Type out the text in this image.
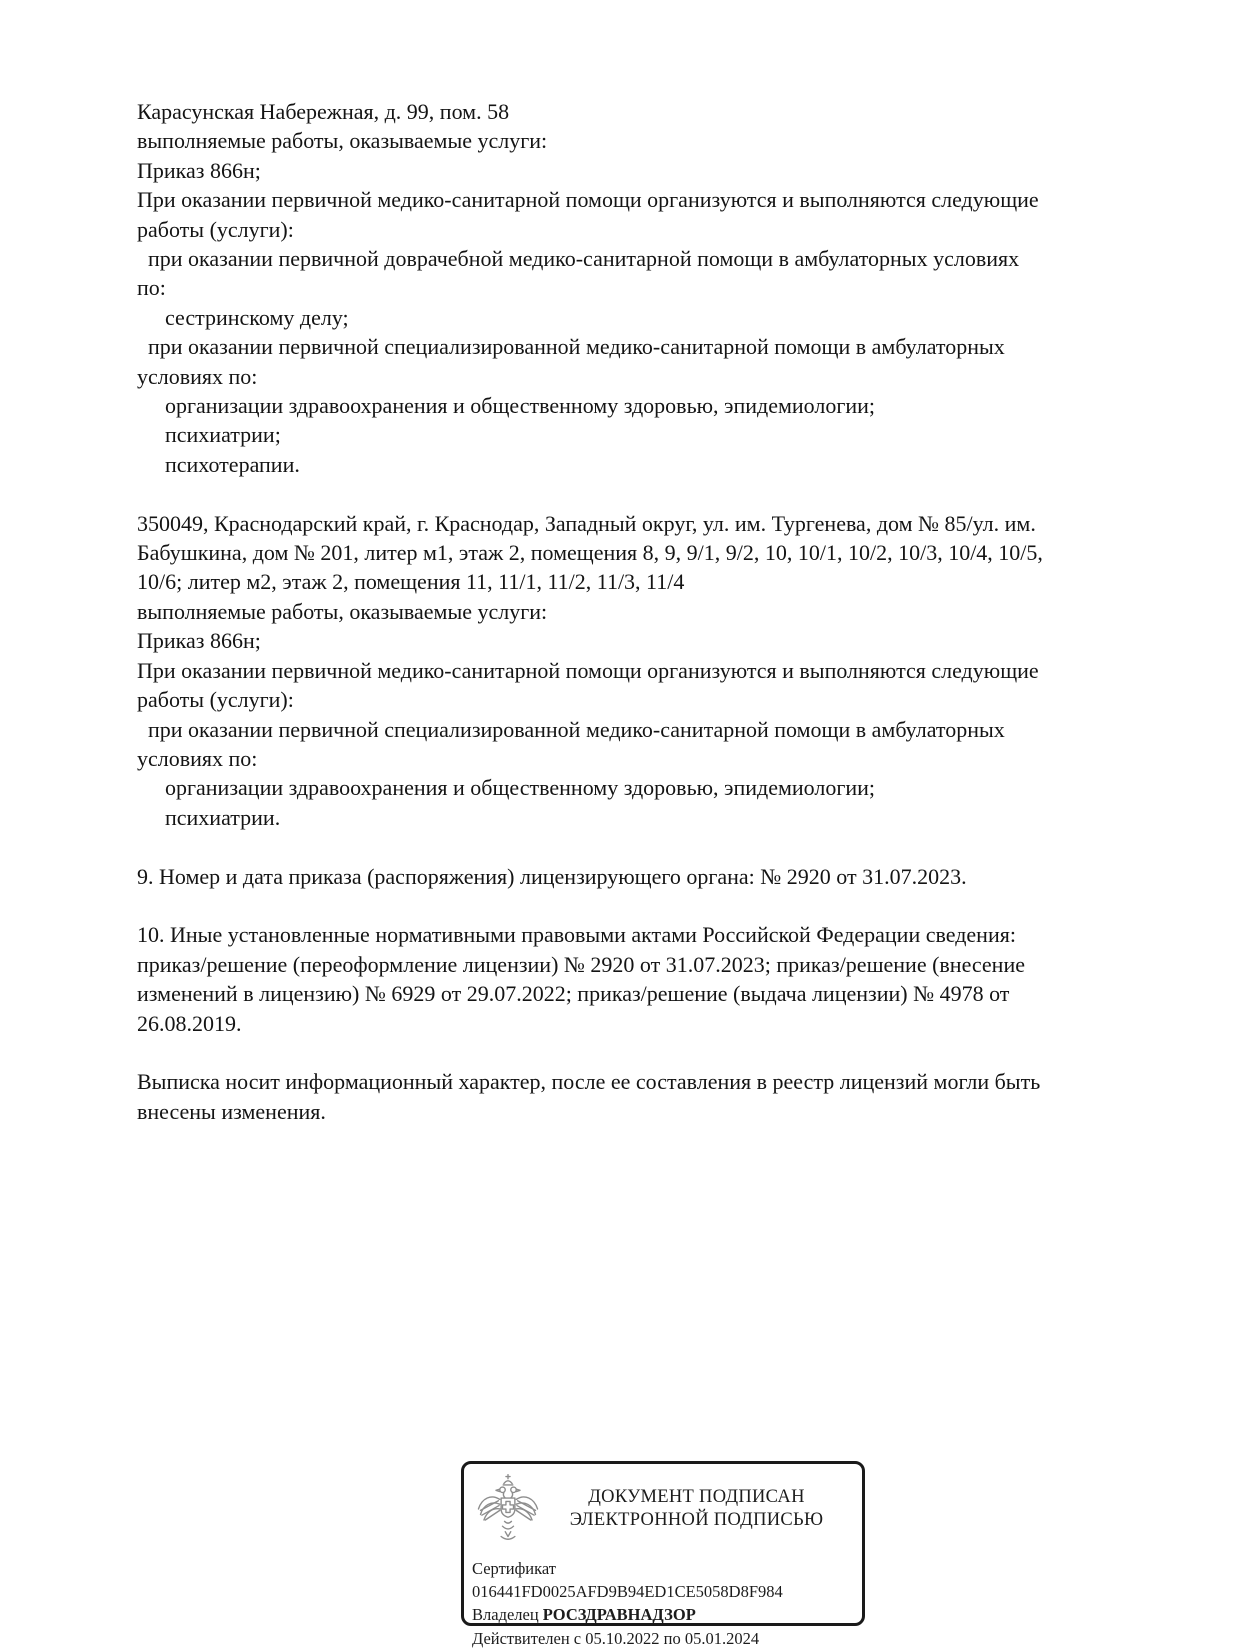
Карасунская Набережная, д. 99, пом. 58
выполняемые работы, оказываемые услуги:
Приказ 866н;
При оказании первичной медико-санитарной помощи организуются и выполняются следующие
работы (услуги):
при оказании первичной доврачебной медико-санитарной помощи в амбулаторных условиях
по:
сестринскому делу;
при оказании первичной специализированной медико-санитарной помощи в амбулаторных
условиях по:
организации здравоохранения и общественному здоровью, эпидемиологии;
психиатрии;
психотерапии.
350049, Краснодарский край, г. Краснодар, Западный округ, ул. им. Тургенева, дом № 85/ул. им.
Бабушкина, дом № 201, литер м1, этаж 2, помещения 8, 9, 9/1, 9/2, 10, 10/1, 10/2, 10/3, 10/4, 10/5,
10/6; литер м2, этаж 2, помещения 11, 11/1, 11/2, 11/3, 11/4
выполняемые работы, оказываемые услуги:
Приказ 866н;
При оказании первичной медико-санитарной помощи организуются и выполняются следующие
работы (услуги):
при оказании первичной специализированной медико-санитарной помощи в амбулаторных
условиях по:
организации здравоохранения и общественному здоровью, эпидемиологии;
психиатрии.
9. Номер и дата приказа (распоряжения) лицензирующего органа: № 2920 от 31.07.2023.
10. Иные установленные нормативными правовыми актами Российской Федерации сведения:
приказ/решение (переоформление лицензии) № 2920 от 31.07.2023; приказ/решение (внесение
изменений в лицензию) № 6929 от 29.07.2022; приказ/решение (выдача лицензии) № 4978 от
26.08.2019.
Выписка носит информационный характер, после ее составления в реестр лицензий могли быть
внесены изменения.
ДОКУМЕНТ ПОДПИСАН
ЭЛЕКТРОННОЙ ПОДПИСЬЮ
Сертификат 016441FD0025AFD9B94ED1CE5058D8F984
Владелец РОСЗДРАВНАДЗОР
Действителен с 05.10.2022 по 05.01.2024
